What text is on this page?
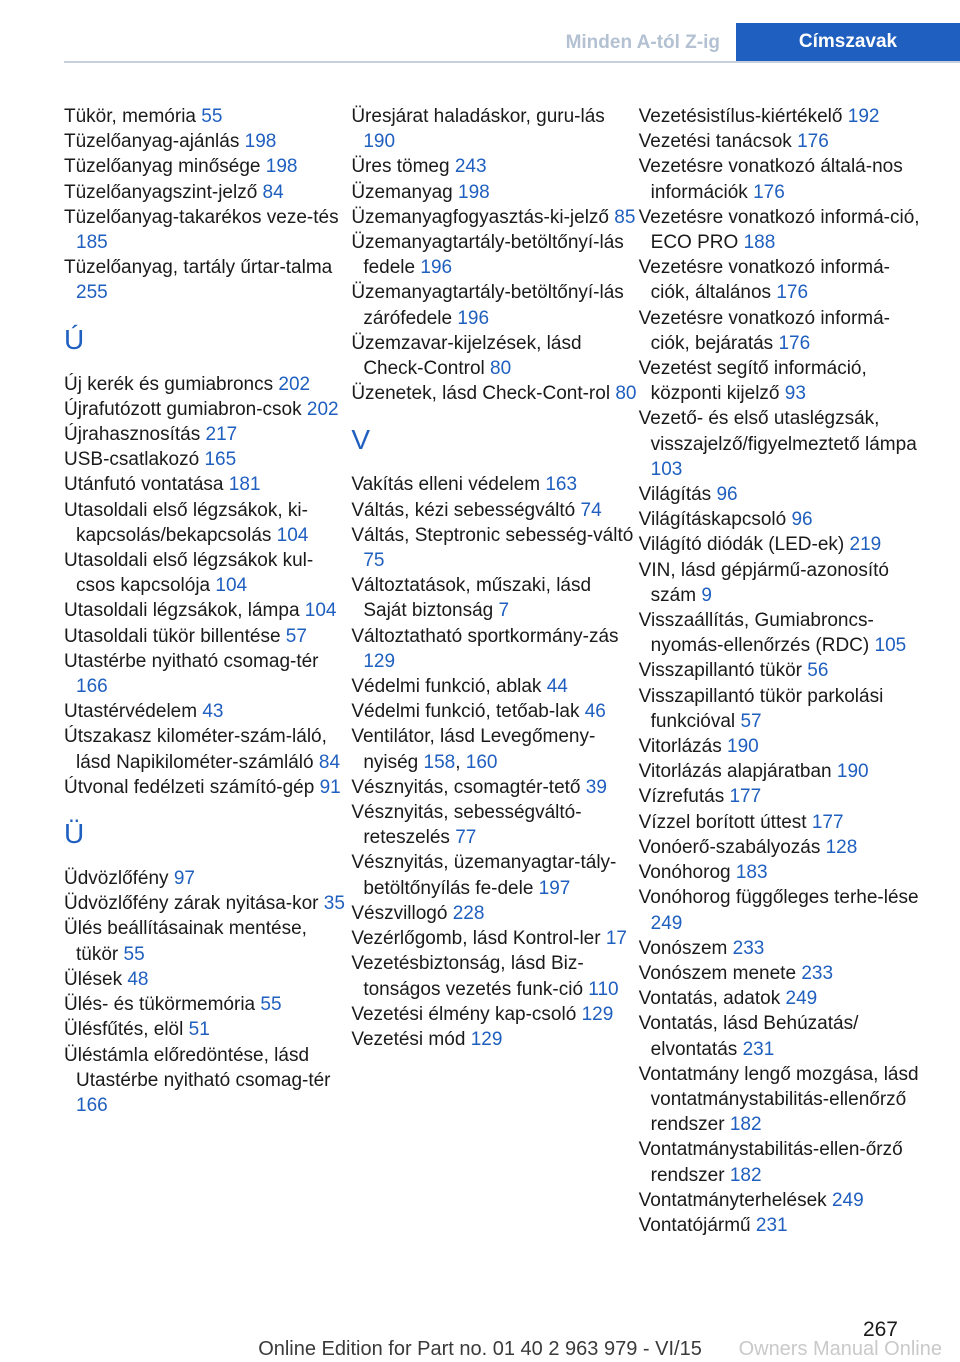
Minden A-tól Z-ig	Címszavak
Tükör, memória 55
Tüzelőanyag-ajánlás 198
Tüzelőanyag minősége 198
Tüzelőanyagszint-jelző 84
Tüzelőanyag-takarékos veze-tés 185
Tüzelőanyag, tartály űrtar-talma 255
Ú
Új kerék és gumiabroncs 202
Újrafutózott gumiabron-csok 202
Újrahasznosítás 217
USB-csatlakozó 165
Utánfutó vontatása 181
Utasoldali első légzsákok, ki-kapcsolás/bekapcsolás 104
Utasoldali első légzsákok kul-csos kapcsolója 104
Utasoldali légzsákok, lámpa 104
Utasoldali tükör billentése 57
Utastérbe nyitható csomag-tér 166
Utastérvédelem 43
Útszakasz kilométer-szám-láló, lásd Napikilométer-számláló 84
Útvonal fedélzeti számító-gép 91
Ü
Üdvözlőfény 97
Üdvözlőfény zárak nyitása-kor 35
Ülés beállításainak mentése, tükör 55
Ülések 48
Ülés- és tükörmemória 55
Ülésfűtés, elöl 51
Üléstámla előredöntése, lásd Utastérbe nyitható csomag-tér 166
Üresjárat haladáskor, guru-lás 190
Üres tömeg 243
Üzemanyag 198
Üzemanyagfogyasztás-ki-jelző 85
Üzemanyagtartály-betöltőnyí-lás fedele 196
Üzemanyagtartály-betöltőnyí-lás zárófedele 196
Üzemzavar-kijelzések, lásd Check-Control 80
Üzenetek, lásd Check-Cont-rol 80
V
Vakítás elleni védelem 163
Váltás, kézi sebességváltó 74
Váltás, Steptronic sebesség-váltó 75
Változtatások, műszaki, lásd Saját biztonság 7
Változtatható sportkormány-zás 129
Védelmi funkció, ablak 44
Védelmi funkció, tetőab-lak 46
Ventilátor, lásd Levegőmeny-nyiség 158, 160
Vésznyitás, csomagtér-tető 39
Vésznyitás, sebességváltó-reteszelés 77
Vésznyitás, üzemanyagtar-tály-betöltőnyílás fe-dele 197
Vészvillogó 228
Vezérlőgomb, lásd Kontrol-ler 17
Vezetésbiztonság, lásd Biz-tonságos vezetés funk-ció 110
Vezetési élmény kap-csoló 129
Vezetési mód 129
Vezetésistílus-kiértékelő 192
Vezetési tanácsok 176
Vezetésre vonatkozó általá-nos információk 176
Vezetésre vonatkozó informá-ció, ECO PRO 188
Vezetésre vonatkozó informá-ciók, általános 176
Vezetésre vonatkozó informá-ciók, bejáratás 176
Vezetést segítő információ, központi kijelző 93
Vezető- és első utaslégzsák, visszajelző/figyelmeztető lámpa 103
Világítás 96
Világításkapcsoló 96
Világító diódák (LED-ek) 219
VIN, lásd gépjármű-azonosító szám 9
Visszaállítás, Gumiabroncs-nyomás-ellenőrzés (RDC) 105
Visszapillantó tükör 56
Visszapillantó tükör parkolási funkcióval 57
Vitorlázás 190
Vitorlázás alapjáratban 190
Vízrefutás 177
Vízzel borított úttest 177
Vonóerő-szabályozás 128
Vonóhorog 183
Vonóhorog függőleges terhe-lése 249
Vonószem 233
Vonószem menete 233
Vontatás, adatok 249
Vontatás, lásd Behúzatás/ elvontatás 231
Vontatmány lengő mozgása, lásd vontatmánystabilitás-ellenőrző rendszer 182
Vontatmánystabilitás-ellen-őrző rendszer 182
Vontatmányterhelések 249
Vontatójármű 231
267
Online Edition for Part no. 01 40 2 963 979 - VI/15	Owners Manual Online
